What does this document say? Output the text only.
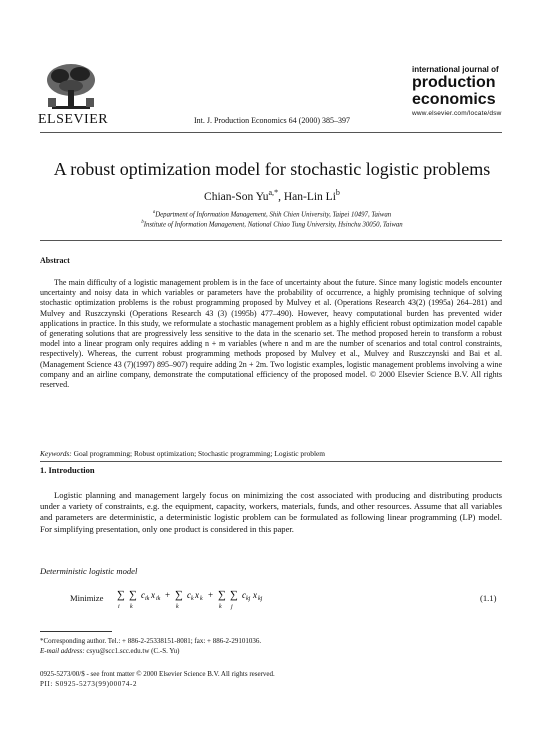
ELSEVIER	Int. J. Production Economics 64 (2000) 385–397
international journal of
production
economics
www.elsevier.com/locate/dsw
A robust optimization model for stochastic logistic problems
Chian-Son $Yu^{a,*}$, Han-Lin Li$^b$
$^a$Department of Information Management, Shih Chien University, Taipei 10497, Taiwan
$^b$Institute of Information Management, National Chiao Tung University, Hsinchu 30050, Taiwan
Abstract
The main difficulty of a logistic management problem is in the face of uncertainty about the future. Since many logistic models encounter uncertainty and noisy data in which variables or parameters have the probability of occurrence, a highly promising technique of solving stochastic optimization problems is the robust programming proposed by Mulvey et al. (Operations Research 43(2) (1995a) 264–281) and Mulvey and Ruszczynski (Operations Research 43 (3) (1995b) 477–490). However, heavy computational burden has prevented wider applications in practice. In this study, we reformulate a stochastic management problem as a highly efficient robust optimization model capable of generating solutions that are progressively less sensitive to the data in the scenario set. The method proposed herein to transform a robust model into a linear program only requires adding n + m variables (where n and m are the number of scenarios and total control constraints, respectively). Whereas, the current robust programming methods proposed by Mulvey et al., Mulvey and Ruszczynski and Bai et al. (Management Science 43 (7)(1997) 895–907) require adding 2n + 2m. Two logistic examples, logistic management problems involving a wine company and an airline company, demonstrate the computational efficiency of the proposed model. © 2000 Elsevier Science B.V. All rights reserved.
Keywords: Goal programming; Robust optimization; Stochastic programming; Logistic problem
1. Introduction
Logistic planning and management largely focus on minimizing the cost associated with producing and distributing products under a variety of constraints, e.g. the equipment, capacity, workers, materials, funds, and other resources. Assume that all variables and parameters are deterministic, a deterministic logistic problem can be formulated as following linear programming (LP) model. For simplifying presentation, only one product is considered in this paper.
Deterministic logistic model
Minimize ∑
i
∑
k
c ik x ik + ∑
k
c k x k + ∑
k
∑
j
c kj x kj	(1.1)
*Corresponding author. Tel.: + 886-2-25338151-8081; fax: + 886-2-29101036.
E-mail address: csyu@scc1.scc.edu.tw (C.-S. Yu)
0925-5273/00/$ - see front matter © 2000 Elsevier Science B.V. All rights reserved.
PII: S0925-5273(99)00074-2
